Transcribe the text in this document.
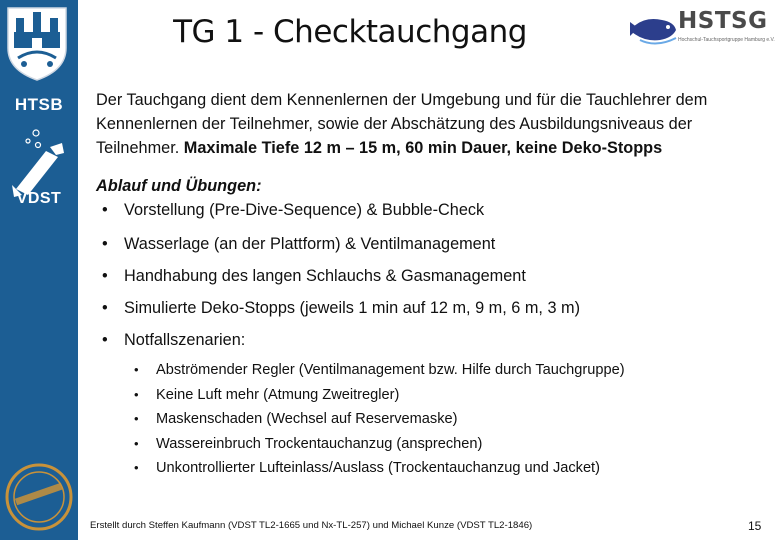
HTSB
VDST
TG 1 - Checktauchgang	HSTSG
Hochschul-Tauchsportgruppe Hamburg e.V.

Der Tauchgang dient dem Kennenlernen der Umgebung und für die Tauchlehrer dem Kennenlernen der Teilnehmer, sowie der Abschätzung des Ausbildungsniveaus der Teilnehmer. Maximale Tiefe 12 m – 15 m, 60 min Dauer, keine Deko-Stopps

Ablauf und Übungen:
• Vorstellung (Pre-Dive-Sequence) & Bubble-Check
• Wasserlage (an der Plattform) & Ventilmanagement
• Handhabung des langen Schlauchs & Gasmanagement
• Simulierte Deko-Stopps (jeweils 1 min auf 12 m, 9 m, 6 m, 3 m)
• Notfallszenarien:
• Abströmender Regler (Ventilmanagement bzw. Hilfe durch Tauchgruppe)
• Keine Luft mehr (Atmung Zweitregler)
• Maskenschaden (Wechsel auf Reservemaske)
• Wassereinbruch Trockentauchanzug (ansprechen)
• Unkontrollierter Lufteinlass/Auslass (Trockentauchanzug und Jacket)
Erstellt durch Steffen Kaufmann (VDST TL2-1665 und Nx-TL-257) und Michael Kunze (VDST TL2-1846)	15
